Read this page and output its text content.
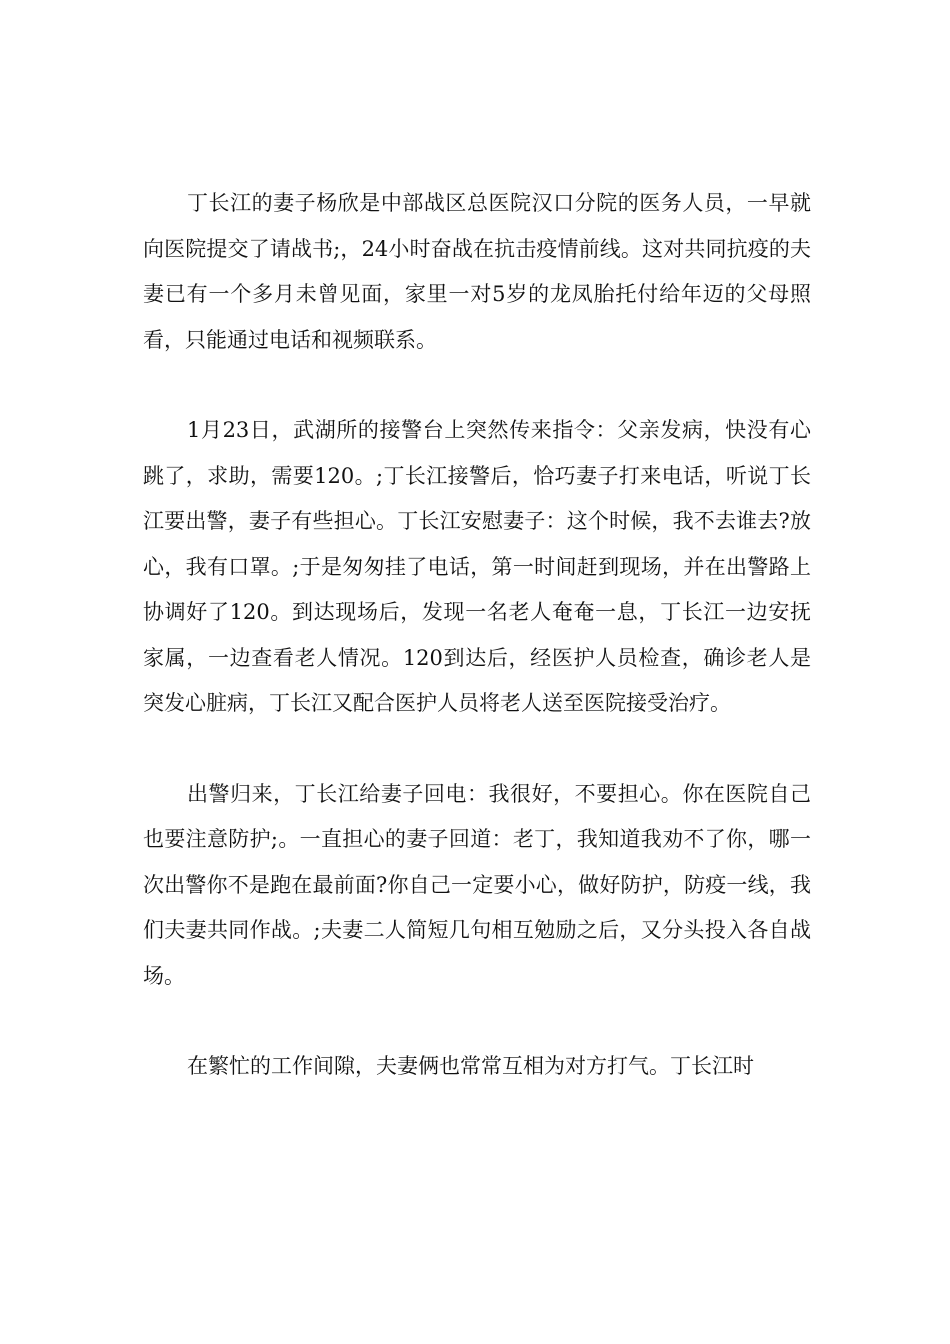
丁长江的妻子杨欣是中部战区总医院汉口分院的医务人员，一早就向医院提交了请战书;，24小时奋战在抗击疫情前线。这对共同抗疫的夫妻已有一个多月未曾见面，家里一对5岁的龙凤胎托付给年迈的父母照看，只能通过电话和视频联系。

1月23日，武湖所的接警台上突然传来指令：父亲发病，快没有心跳了，求助，需要120。;丁长江接警后，恰巧妻子打来电话，听说丁长江要出警，妻子有些担心。丁长江安慰妻子：这个时候，我不去谁去?放心，我有口罩。;于是匆匆挂了电话，第一时间赶到现场，并在出警路上协调好了120。到达现场后，发现一名老人奄奄一息，丁长江一边安抚家属，一边查看老人情况。120到达后，经医护人员检查，确诊老人是突发心脏病，丁长江又配合医护人员将老人送至医院接受治疗。

出警归来，丁长江给妻子回电：我很好，不要担心。你在医院自己也要注意防护;。一直担心的妻子回道：老丁，我知道我劝不了你，哪一次出警你不是跑在最前面?你自己一定要小心，做好防护，防疫一线，我们夫妻共同作战。;夫妻二人简短几句相互勉励之后，又分头投入各自战场。

在繁忙的工作间隙，夫妻俩也常常互相为对方打气。丁长江时
